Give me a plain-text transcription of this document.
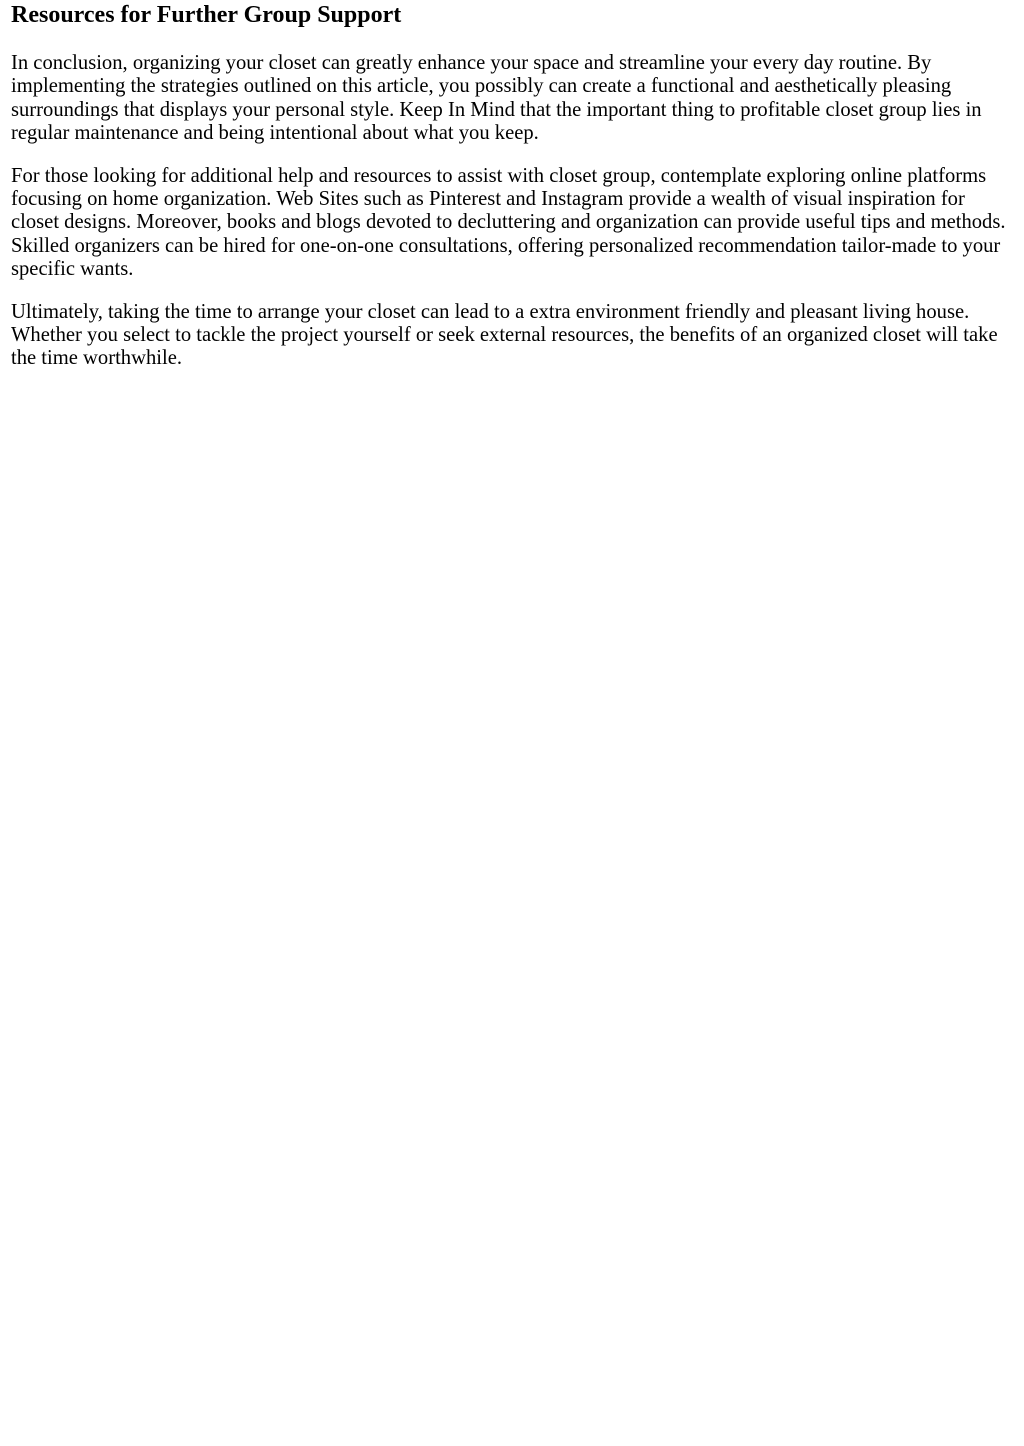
Resources for Further Group Support

In conclusion, organizing your closet can greatly enhance your space and streamline your every day routine. By implementing the strategies outlined on this article, you possibly can create a functional and aesthetically pleasing surroundings that displays your personal style. Keep In Mind that the important thing to profitable closet group lies in regular maintenance and being intentional about what you keep.

For those looking for additional help and resources to assist with closet group, contemplate exploring online platforms focusing on home organization. Web Sites such as Pinterest and Instagram provide a wealth of visual inspiration for closet designs. Moreover, books and blogs devoted to decluttering and organization can provide useful tips and methods. Skilled organizers can be hired for one-on-one consultations, offering personalized recommendation tailor-made to your specific wants.

Ultimately, taking the time to arrange your closet can lead to a extra environment friendly and pleasant living house. Whether you select to tackle the project yourself or seek external resources, the benefits of an organized closet will take the time worthwhile.
